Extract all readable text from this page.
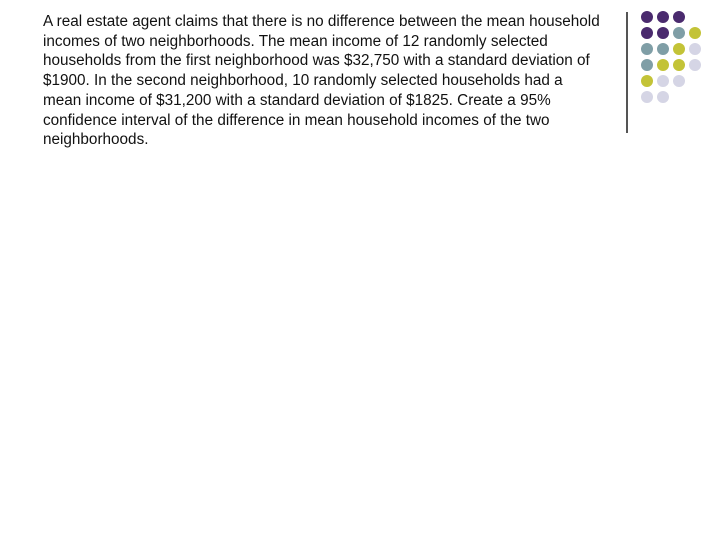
A real estate agent claims that there is no difference between the mean household incomes of two neighborhoods. The mean income of 12 randomly selected households from the first neighborhood was $32,750 with a standard deviation of $1900. In the second neighborhood, 10 randomly selected households had a mean income of $31,200 with a standard deviation of $1825. Create a 95% confidence interval of the difference in mean household incomes of the two neighborhoods.
